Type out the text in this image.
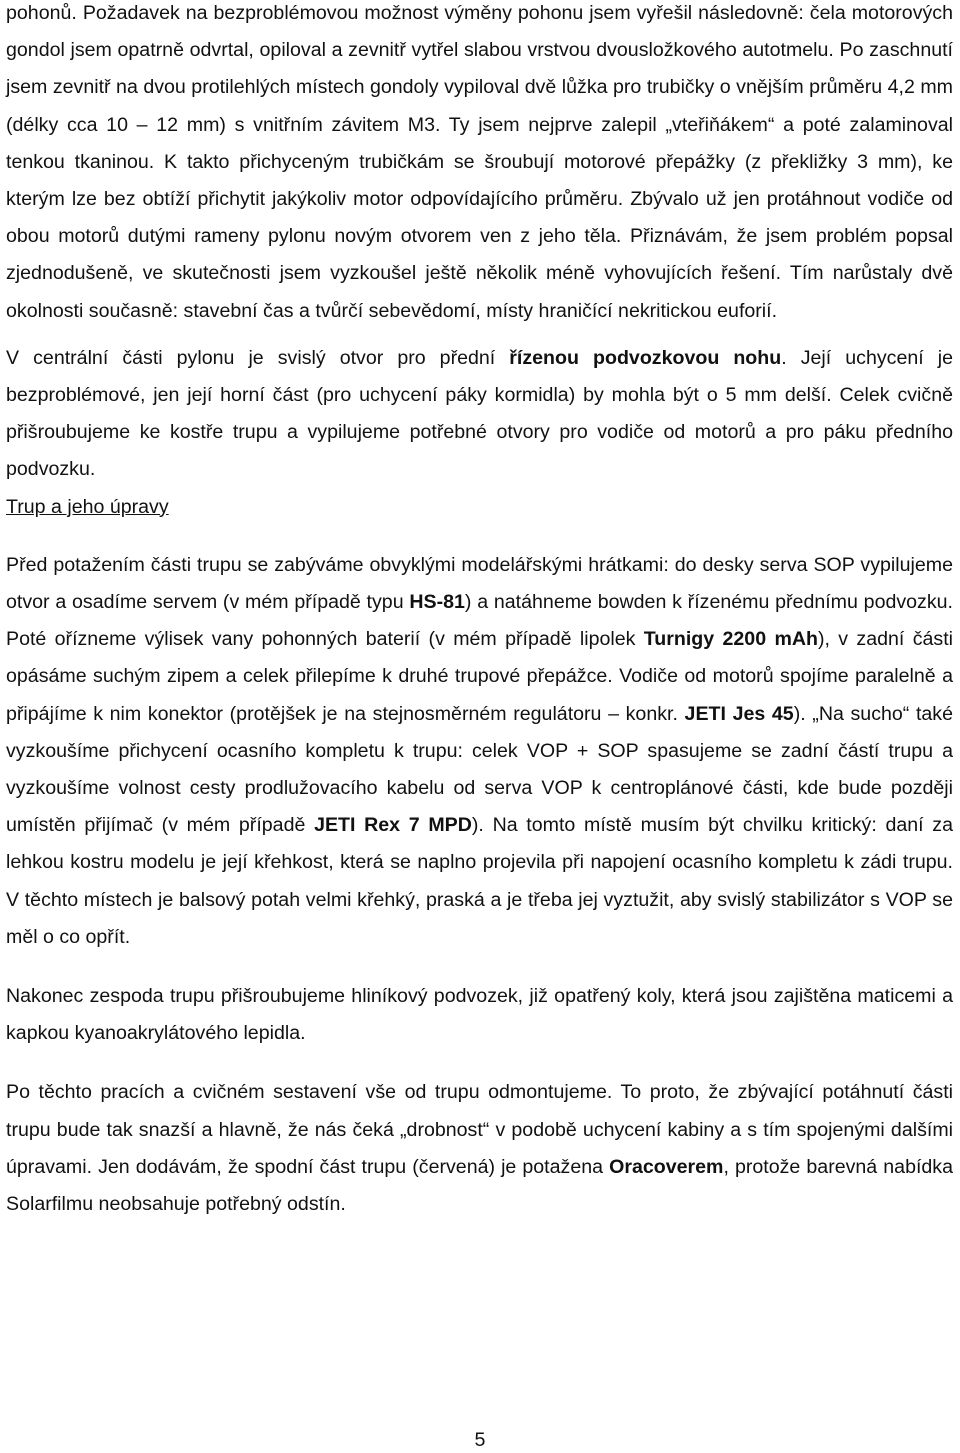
pohonů. Požadavek na bezproblémovou možnost výměny pohonu jsem vyřešil následovně: čela motorových gondol jsem opatrně odvrtal, opiloval a zevnitř vytřel slabou vrstvou dvousložkového autotmelu. Po zaschnutí jsem zevnitř na dvou protilehlých místech gondoly vypiloval dvě lůžka pro trubičky o vnějším průměru 4,2 mm (délky cca 10 – 12 mm) s vnitřním závitem M3. Ty jsem nejprve zalepil „vteřiňákem“ a poté zalaminoval tenkou tkaninou. K takto přichyceným trubičkám se šroubují motorové přepážky (z překližky 3 mm), ke kterým lze bez obtíží přichytit jakýkoliv motor odpovídajícího průměru. Zbývalo už jen protáhnout vodiče od obou motorů dutými rameny pylonu novým otvorem ven z jeho těla. Přiznávám, že jsem problém popsal zjednodušeně, ve skutečnosti jsem vyzkoušel ještě několik méně vyhovujících řešení. Tím narůstaly dvě okolnosti současně: stavební čas a tvůrčí sebevědomí, místy hraničící nekritickou euforií.

V centrální části pylonu je svislý otvor pro přední řízenou podvozkovou nohu. Její uchycení je bezproblémové, jen její horní část (pro uchycení páky kormidla) by mohla být o 5 mm delší. Celek cvičně přišroubujeme ke kostře trupu a vypilujeme potřebné otvory pro vodiče od motorů a pro páku předního podvozku.

Trup a jeho úpravy

Před potažením části trupu se zabýváme obvyklými modelářskými hrátkami: do desky serva SOP vypilujeme otvor a osadíme servem (v mém případě typu HS-81) a natáhneme bowden k řízenému přednímu podvozku. Poté ořízneme výlisek vany pohonných baterií (v mém případě lipolek Turnigy 2200 mAh), v zadní části opásáme suchým zipem a celek přilepíme k druhé trupové přepážce. Vodiče od motorů spojíme paralelně a připájíme k nim konektor (protějšek je na stejnosměrném regulátoru – konkr. JETI Jes 45). „Na sucho“ také vyzkoušíme přichycení ocasního kompletu k trupu: celek VOP + SOP spasujeme se zadní částí trupu a vyzkoušíme volnost cesty prodlužovacího kabelu od serva VOP k centroplánové části, kde bude později umístěn přijímač (v mém případě JETI Rex 7 MPD). Na tomto místě musím být chvilku kritický: daní za lehkou kostru modelu je její křehkost, která se naplno projevila při napojení ocasního kompletu k zádi trupu. V těchto místech je balsový potah velmi křehký, praská a je třeba jej vyztužit, aby svislý stabilizátor s VOP se měl o co opřít.

Nakonec zespoda trupu přišroubujeme hliníkový podvozek, již opatřený koly, která jsou zajištěna maticemi a kapkou kyanoakrylátového lepidla.

Po těchto pracích a cvičném sestavení vše od trupu odmontujeme. To proto, že zbývající potáhnutí části trupu bude tak snazší a hlavně, že nás čeká „drobnost“ v podobě uchycení kabiny a s tím spojenými dalšími úpravami. Jen dodávám, že spodní část trupu (červená) je potažena Oracoverem, protože barevná nabídka Solarfilmu neobsahuje potřebný odstín.

5
